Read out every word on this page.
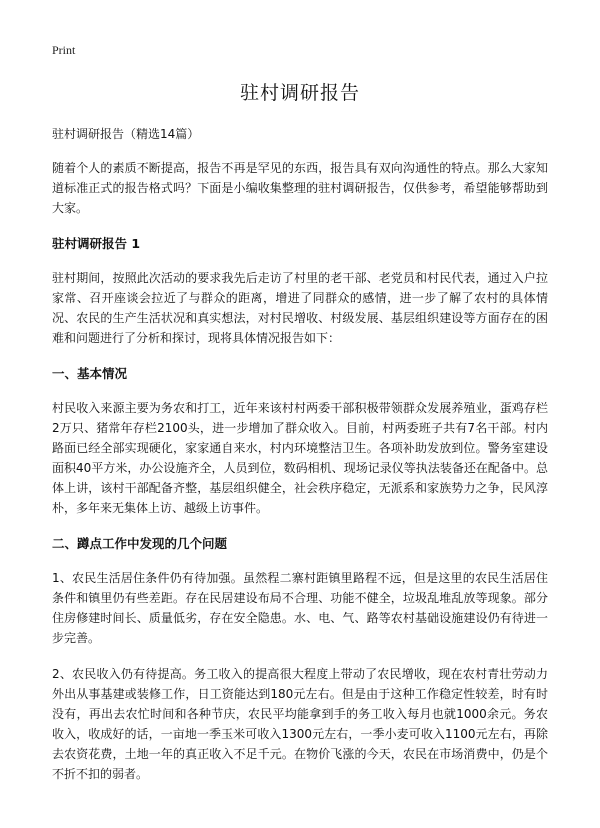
Print
驻村调研报告
驻村调研报告（精选14篇）

随着个人的素质不断提高，报告不再是罕见的东西，报告具有双向沟通性的特点。那么大家知道标准正式的报告格式吗？下面是小编收集整理的驻村调研报告，仅供参考，希望能够帮助到大家。

驻村调研报告 1

驻村期间，按照此次活动的要求我先后走访了村里的老干部、老党员和村民代表，通过入户拉家常、召开座谈会拉近了与群众的距离，增进了同群众的感情，进一步了解了农村的具体情况、农民的生产生活状况和真实想法，对村民增收、村级发展、基层组织建设等方面存在的困难和问题进行了分析和探讨，现将具体情况报告如下：

一、基本情况

村民收入来源主要为务农和打工，近年来该村村两委干部积极带领群众发展养殖业，蛋鸡存栏2万只、猪常年存栏2100头，进一步增加了群众收入。目前，村两委班子共有7名干部。村内路面已经全部实现硬化，家家通自来水，村内环境整洁卫生。各项补助发放到位。警务室建设面积40平方米，办公设施齐全，人员到位，数码相机、现场记录仪等执法装备还在配备中。总体上讲，该村干部配备齐整，基层组织健全，社会秩序稳定，无派系和家族势力之争，民风淳朴，多年来无集体上访、越级上访事件。

二、蹲点工作中发现的几个问题

1、农民生活居住条件仍有待加强。虽然程二寨村距镇里路程不远，但是这里的农民生活居住条件和镇里仍有些差距。存在民居建设布局不合理、功能不健全，垃圾乱堆乱放等现象。部分住房修建时间长、质量低劣，存在安全隐患。水、电、气、路等农村基础设施建设仍有待进一步完善。

2、农民收入仍有待提高。务工收入的提高很大程度上带动了农民增收，现在农村青壮劳动力外出从事基建或装修工作，日工资能达到180元左右。但是由于这种工作稳定性较差，时有时没有，再出去农忙时间和各种节庆，农民平均能拿到手的务工收入每月也就1000余元。务农收入，收成好的话，一亩地一季玉米可收入1300元左右，一季小麦可收入1100元左右，再除去农资花费，土地一年的真正收入不足千元。在物价飞涨的今天，农民在市场消费中，仍是个不折不扣的弱者。
